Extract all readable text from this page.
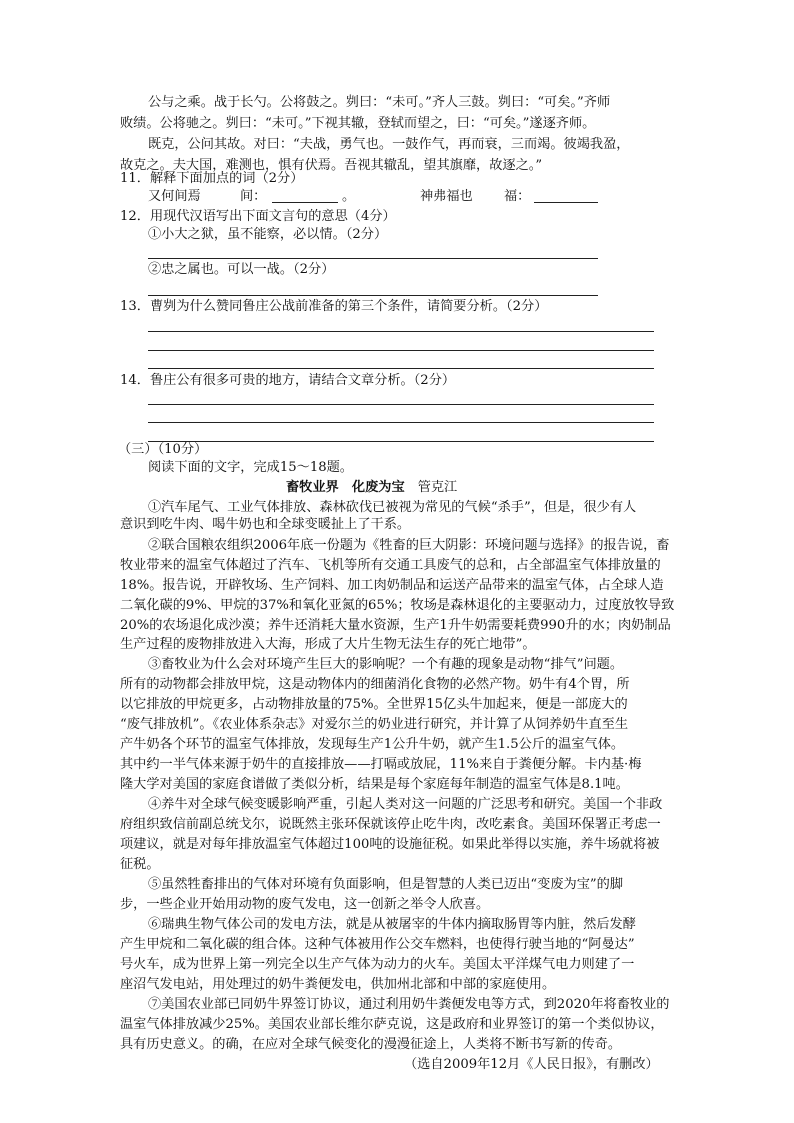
公与之乘。战于长勺。公将鼓之。刿曰：“未可。”齐人三鼓。刿曰：“可矣。”齐师
败绩。公将驰之。刿曰：“未可。”下视其辙，登轼而望之，曰：“可矣。”遂逐齐师。
既克，公问其故。对曰：“夫战，勇气也。一鼓作气，再而衰，三而竭。彼竭我盈，
故克之。夫大国，难测也，惧有伏焉。吾视其辙乱，望其旗靡，故逐之。”
11．解释下面加点的词（2分）
又何间焉	间：	。	神弗福也 福：
12．用现代汉语写出下面文言句的意思（4分）
①小大之狱，虽不能察，必以情。（2分）
②忠之属也。可以一战。（2分）
13．曹刿为什么赞同鲁庄公战前准备的第三个条件，请简要分析。（2分）
14．鲁庄公有很多可贵的地方，请结合文章分析。（2分）
（三）（10分）
阅读下面的文字，完成15～18题。
畜牧业界　化废为宝 管克江
①汽车尾气、工业气体排放、森林砍伐已被视为常见的气候“杀手”，但是，很少有人
意识到吃牛肉、喝牛奶也和全球变暖扯上了干系。
②联合国粮农组织2006年底一份题为《牲畜的巨大阴影：环境问题与选择》的报告说，畜
牧业带来的温室气体超过了汽车、飞机等所有交通工具废气的总和，占全部温室气体排放量的
18%。报告说，开辟牧场、生产饲料、加工肉奶制品和运送产品带来的温室气体，占全球人造
二氧化碳的9%、甲烷的37%和氧化亚氮的65%；牧场是森林退化的主要驱动力，过度放牧导致
20%的农场退化成沙漠；养牛还消耗大量水资源，生产1升牛奶需要耗费990升的水；肉奶制品
生产过程的废物排放进入大海，形成了大片生物无法生存的死亡地带”。
③畜牧业为什么会对环境产生巨大的影响呢？一个有趣的现象是动物“排气”问题。
所有的动物都会排放甲烷，这是动物体内的细菌消化食物的必然产物。奶牛有4个胃，所
以它排放的甲烷更多，占动物排放量的75%。全世界15亿头牛加起来，便是一部庞大的
“废气排放机”。《农业体系杂志》对爱尔兰的奶业进行研究，并计算了从饲养奶牛直至生
产牛奶各个环节的温室气体排放，发现每生产1公升牛奶，就产生1.5公斤的温室气体。
其中约一半气体来源于奶牛的直接排放——打嗝或放屁，11%来自于粪便分解。卡内基·梅
隆大学对美国的家庭食谱做了类似分析，结果是每个家庭每年制造的温室气体是8.1吨。
④养牛对全球气候变暖影响严重，引起人类对这一问题的广泛思考和研究。美国一个非政
府组织致信前副总统戈尔，说既然主张环保就该停止吃牛肉，改吃素食。美国环保署正考虑一
项建议，就是对每年排放温室气体超过100吨的设施征税。如果此举得以实施，养牛场就将被
征税。
⑤虽然牲畜排出的气体对环境有负面影响，但是智慧的人类已迈出“变废为宝”的脚
步，一些企业开始用动物的废气发电，这一创新之举令人欣喜。
⑥瑞典生物气体公司的发电方法，就是从被屠宰的牛体内摘取肠胃等内脏，然后发酵
产生甲烷和二氧化碳的组合体。这种气体被用作公交车燃料，也使得行驶当地的“阿曼达”
号火车，成为世界上第一列完全以生产气体为动力的火车。美国太平洋煤气电力则建了一
座沼气发电站，用处理过的奶牛粪便发电，供加州北部和中部的家庭使用。
⑦美国农业部已同奶牛界签订协议，通过利用奶牛粪便发电等方式，到2020年将畜牧业的
温室气体排放减少25%。美国农业部长维尔萨克说，这是政府和业界签订的第一个类似协议，
具有历史意义。的确，在应对全球气候变化的漫漫征途上，人类将不断书写新的传奇。
（选自2009年12月《人民日报》，有删改）
